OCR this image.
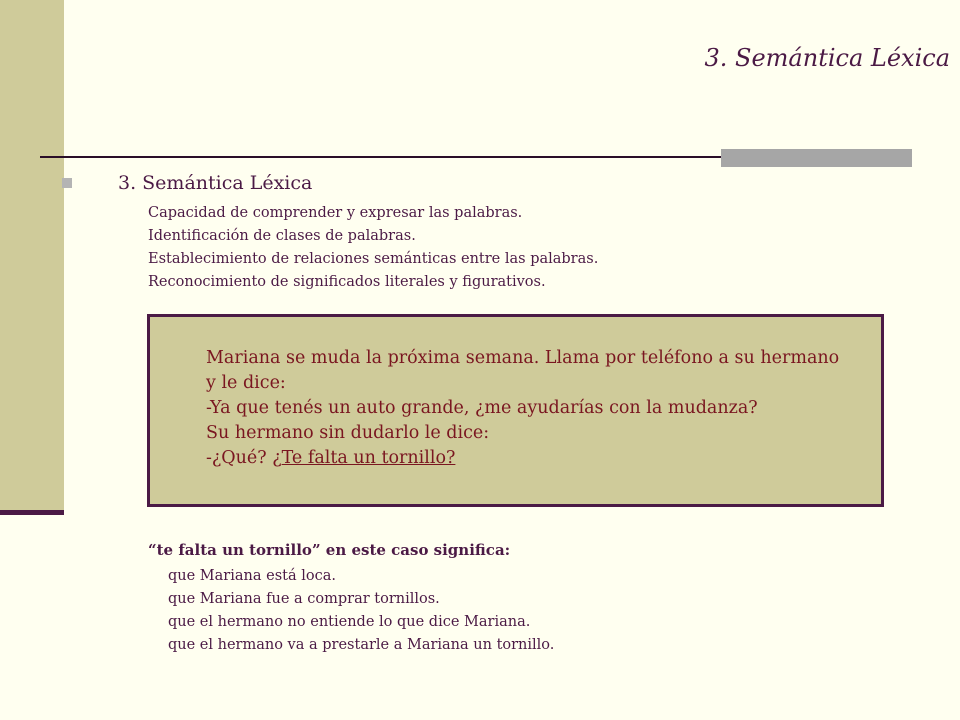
3. Semántica Léxica
3. Semántica Léxica
Capacidad de comprender y expresar las palabras.
Identificación de clases de palabras.
Establecimiento de relaciones semánticas entre las palabras.
Reconocimiento de significados literales y figurativos.
Mariana se muda la próxima semana. Llama por teléfono a su hermano
y le dice:
-Ya que tenés un auto grande, ¿me ayudarías con la mudanza?
Su hermano sin dudarlo le dice:
-¿Qué? ¿Te falta un tornillo?
“te falta un tornillo” en este caso significa:
que Mariana está loca.
que Mariana fue a comprar tornillos.
que el hermano no entiende lo que dice Mariana.
que el hermano va a prestarle a Mariana un tornillo.
